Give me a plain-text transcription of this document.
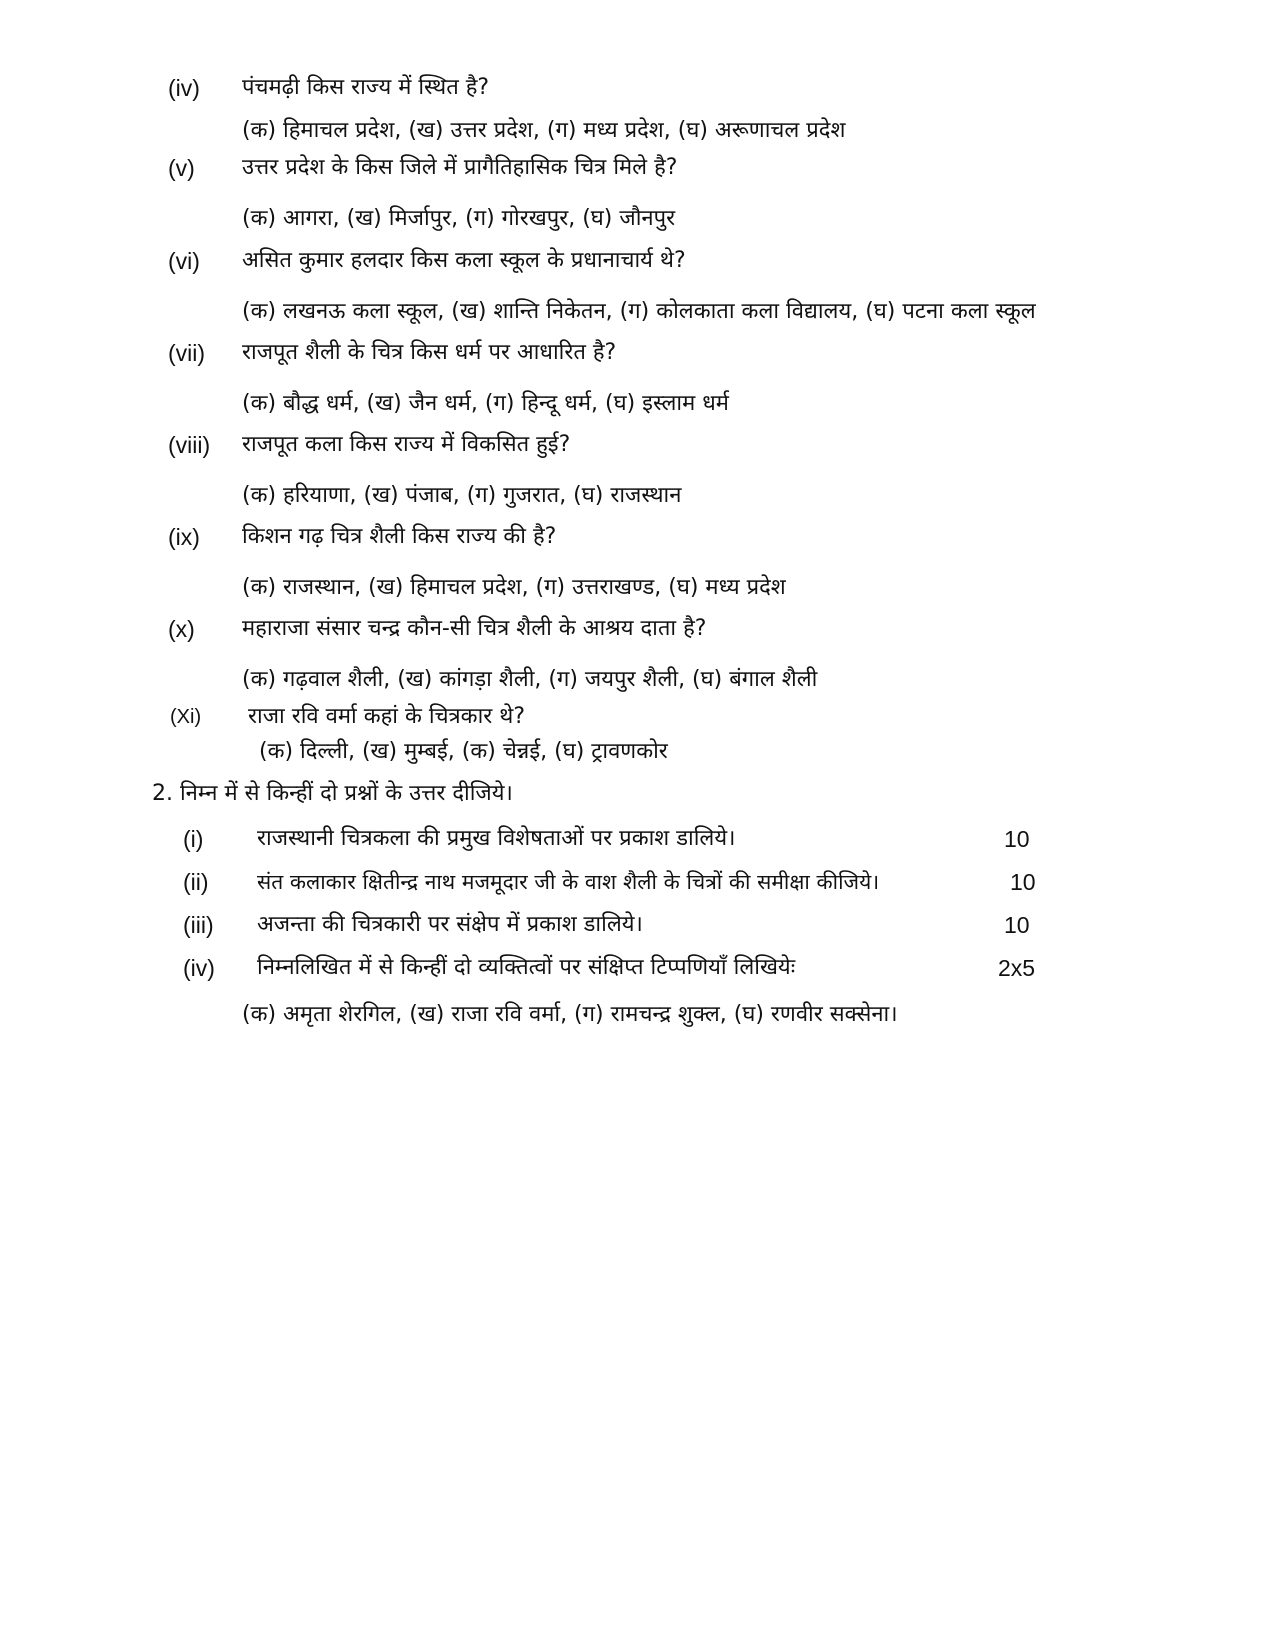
(iv) पंचमढ़ी किस राज्य में स्थित है?
(क) हिमाचल प्रदेश, (ख) उत्तर प्रदेश, (ग) मध्य प्रदेश, (घ) अरूणाचल प्रदेश
(v) उत्तर प्रदेश के किस जिले में प्रागैतिहासिक चित्र मिले है?
(क) आगरा, (ख) मिर्जापुर, (ग) गोरखपुर, (घ) जौनपुर
(vi) असित कुमार हलदार किस कला स्कूल के प्रधानाचार्य थे?
(क) लखनऊ कला स्कूल, (ख) शान्ति निकेतन, (ग) कोलकाता कला विद्यालय, (घ) पटना कला स्कूल
(vii) राजपूत शैली के चित्र किस धर्म पर आधारित है?
(क) बौद्ध धर्म, (ख) जैन धर्म, (ग) हिन्दू धर्म, (घ) इस्लाम धर्म
(viii) राजपूत कला किस राज्य में विकसित हुई?
(क) हरियाणा, (ख) पंजाब, (ग) गुजरात, (घ) राजस्थान
(ix) किशन गढ़ चित्र शैली किस राज्य की है?
(क) राजस्थान, (ख) हिमाचल प्रदेश, (ग) उत्तराखण्ड, (घ) मध्य प्रदेश
(x) महाराजा संसार चन्द्र कौन-सी चित्र शैली के आश्रय दाता है?
(क) गढ़वाल शैली, (ख) कांगड़ा शैली, (ग) जयपुर शैली, (घ) बंगाल शैली
(Xi) राजा रवि वर्मा कहां के चित्रकार थे?
(क) दिल्ली, (ख) मुम्बई, (क) चेन्नई, (घ) ट्रावणकोर
2. निम्न में से किन्हीं दो प्रश्नों के उत्तर दीजिये।
(i) राजस्थानी चित्रकला की प्रमुख विशेषताओं पर प्रकाश डालिये।	10
(ii) संत कलाकार क्षितीन्द्र नाथ मजमूदार जी के वाश शैली के चित्रों की समीक्षा कीजिये।	10
(iii) अजन्ता की चित्रकारी पर संक्षेप में प्रकाश डालिये।	10
(iv) निम्नलिखित में से किन्हीं दो व्यक्तित्वों पर संक्षिप्त टिप्पणियाँ लिखियेः	2x5
(क) अमृता शेरगिल, (ख) राजा रवि वर्मा, (ग) रामचन्द्र शुक्ल, (घ) रणवीर सक्सेना।
